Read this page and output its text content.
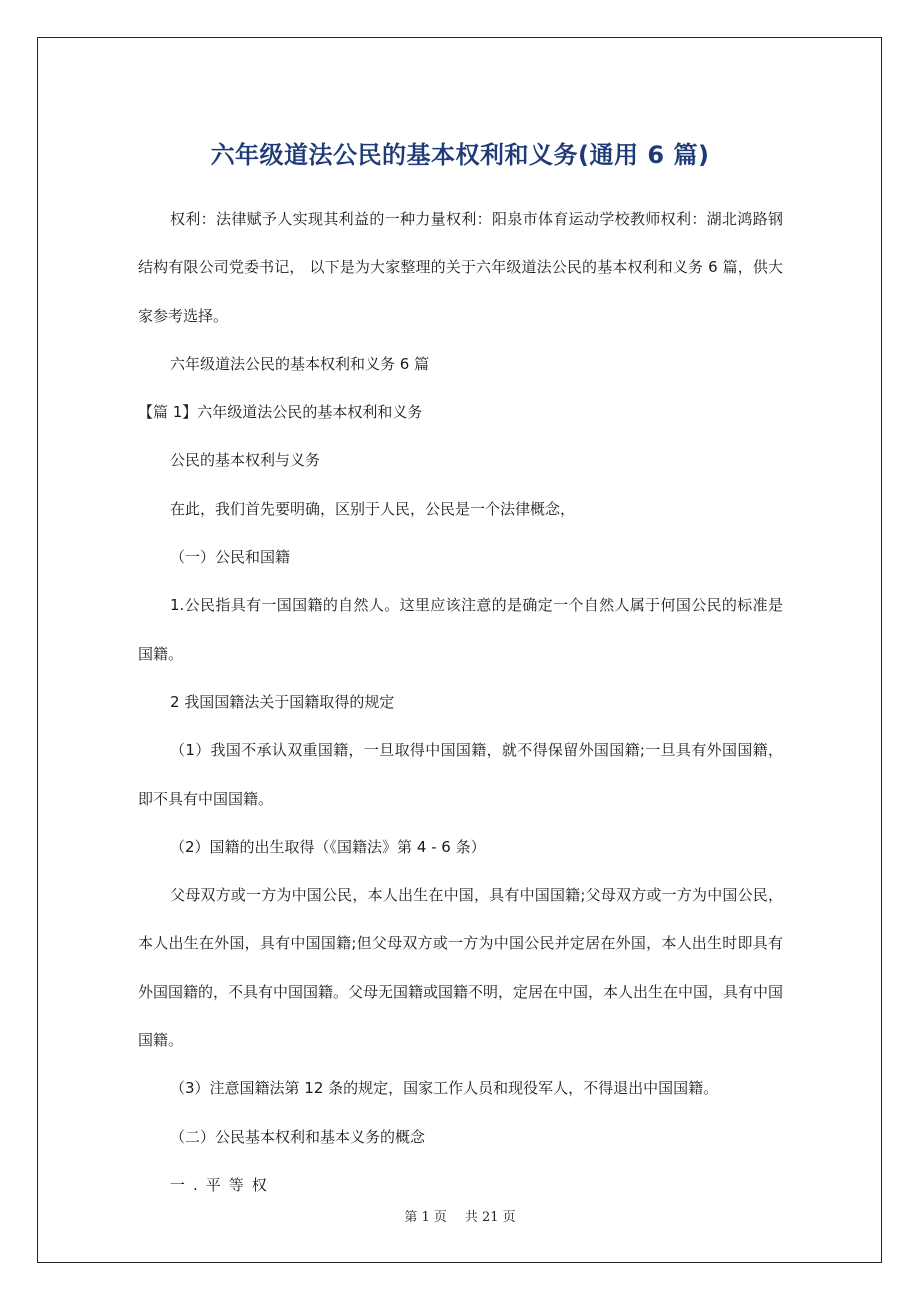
六年级道法公民的基本权利和义务(通用 6 篇)

权利：法律赋予人实现其利益的一种力量权利：阳泉市体育运动学校教师权利：湖北鸿路钢结构有限公司党委书记， 以下是为大家整理的关于六年级道法公民的基本权利和义务 6 篇，供大家参考选择。

六年级道法公民的基本权利和义务 6 篇

【篇 1】六年级道法公民的基本权利和义务

公民的基本权利与义务

在此，我们首先要明确，区别于人民，公民是一个法律概念，

（一）公民和国籍

1.公民指具有一国国籍的自然人。这里应该注意的是确定一个自然人属于何国公民的标准是国籍。

2 我国国籍法关于国籍取得的规定

（1）我国不承认双重国籍，一旦取得中国国籍，就不得保留外国国籍;一旦具有外国国籍，即不具有中国国籍。

（2）国籍的出生取得（《国籍法》第 4 - 6 条）

父母双方或一方为中国公民，本人出生在中国，具有中国国籍;父母双方或一方为中国公民，本人出生在外国，具有中国国籍;但父母双方或一方为中国公民并定居在外国，本人出生时即具有外国国籍的，不具有中国国籍。父母无国籍或国籍不明，定居在中国，本人出生在中国，具有中国国籍。

（3）注意国籍法第 12 条的规定，国家工作人员和现役军人，不得退出中国国籍。

（二）公民基本权利和基本义务的概念

一.平等权

第 1 页 共 21 页
